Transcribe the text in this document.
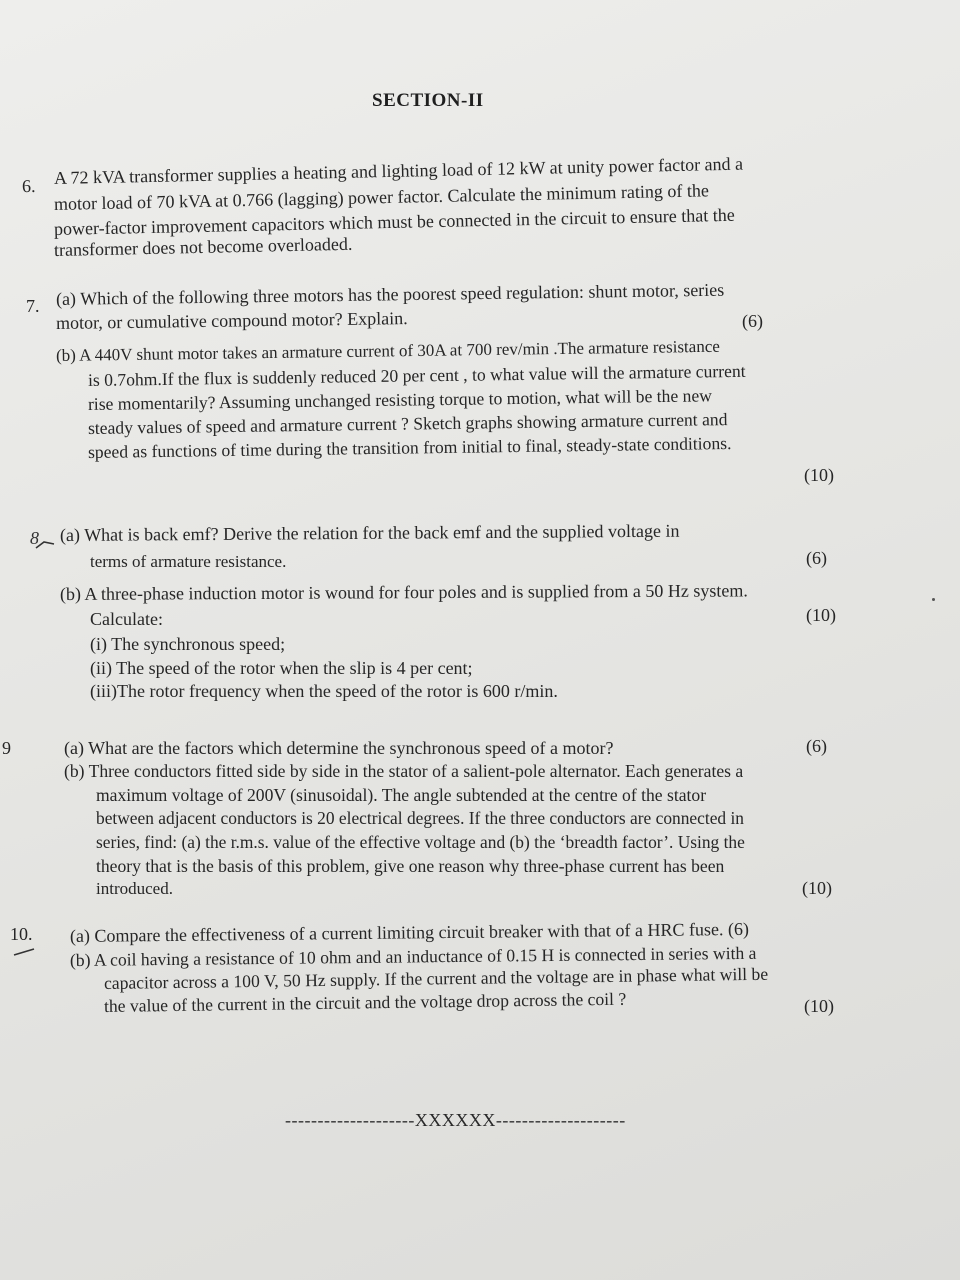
SECTION-II
6. A 72 kVA transformer supplies a heating and lighting load of 12 kW at unity power factor and a
motor load of 70 kVA at 0.766 (lagging) power factor. Calculate the minimum rating of the
power-factor improvement capacitors which must be connected in the circuit to ensure that the
transformer does not become overloaded.
7. (a) Which of the following three motors has the poorest speed regulation: shunt motor, series
motor, or cumulative compound motor? Explain.	(6)
(b) A 440V shunt motor takes an armature current of 30A at 700 rev/min .The armature resistance
is 0.7ohm.If the flux is suddenly reduced 20 per cent , to what value will the armature current
rise momentarily? Assuming unchanged resisting torque to motion, what will be the new
steady values of speed and armature current ? Sketch graphs showing armature current and
speed as functions of time during the transition from initial to final, steady-state conditions.
(10)
8 (a) What is back emf? Derive the relation for the back emf and the supplied voltage in
terms of armature resistance.	(6)
(b) A three-phase induction motor is wound for four poles and is supplied from a 50 Hz system.
Calculate:	(10)
(i) The synchronous speed;
(ii) The speed of the rotor when the slip is 4 per cent;
(iii)The rotor frequency when the speed of the rotor is 600 r/min.
9	(a) What are the factors which determine the synchronous speed of a motor?	(6)
(b) Three conductors fitted side by side in the stator of a salient-pole alternator. Each generates a
maximum voltage of 200V (sinusoidal). The angle subtended at the centre of the stator
between adjacent conductors is 20 electrical degrees. If the three conductors are connected in
series, find: (a) the r.m.s. value of the effective voltage and (b) the ‘breadth factor’. Using the
theory that is the basis of this problem, give one reason why three-phase current has been
introduced.	(10)
10. (a) Compare the effectiveness of a current limiting circuit breaker with that of a HRC fuse. (6)
(b) A coil having a resistance of 10 ohm and an inductance of 0.15 H is connected in series with a
capacitor across a 100 V, 50 Hz supply. If the current and the voltage are in phase what will be
the value of the current in the circuit and the voltage drop across the coil ?	(10)
--------------------XXXXXX--------------------
